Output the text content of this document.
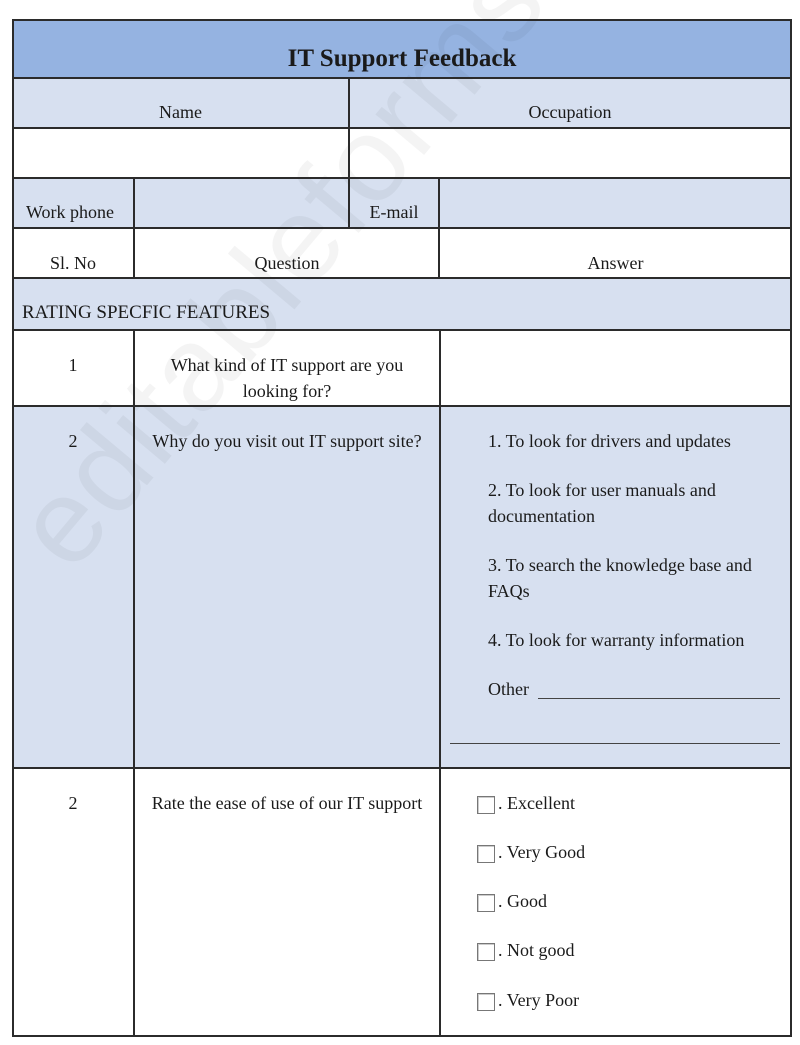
IT Support Feedback
Name	Occupation
Work phone	E-mail
Sl. No	Question	Answer
RATING SPECFIC FEATURES
1	What kind of IT support are you looking for?
2	Why do you visit out IT support site?	1. To look for drivers and updates
2. To look for user manuals and documentation
3. To search the knowledge base and FAQs
4. To look for warranty information
Other
2	Rate the ease of use of our IT support	. Excellent
. Very Good
. Good
. Not good
. Very Poor
